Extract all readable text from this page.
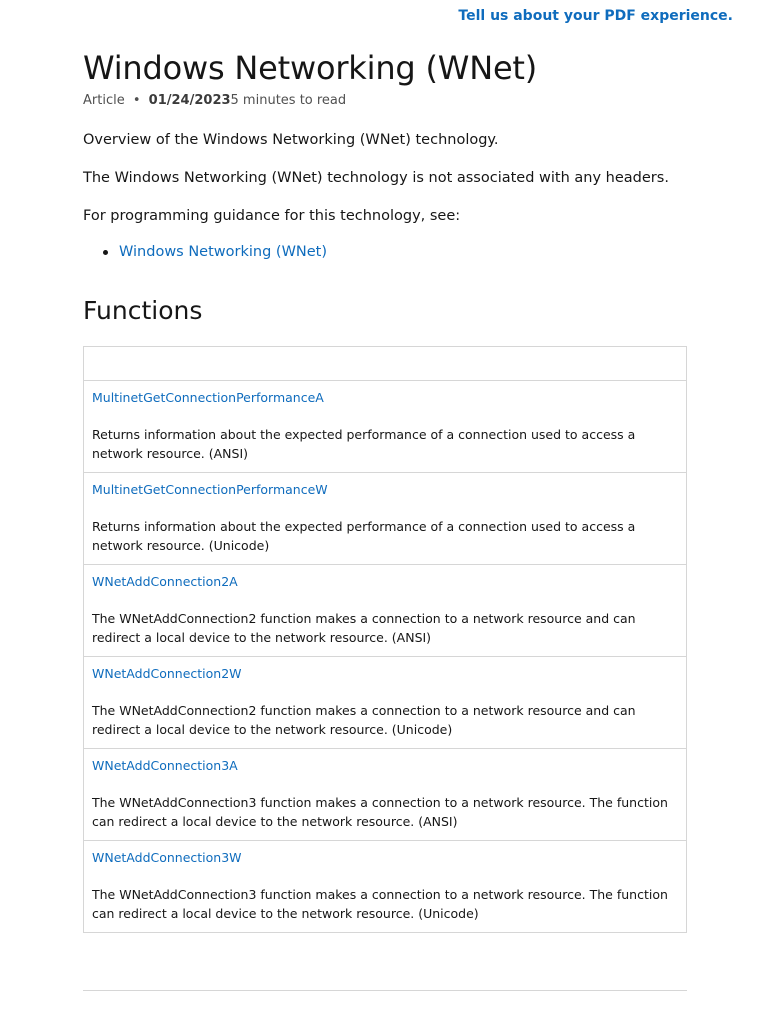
Tell us about your PDF experience.
Windows Networking (WNet)
Article • 01/24/20235 minutes to read

Overview of the Windows Networking (WNet) technology.

The Windows Networking (WNet) technology is not associated with any headers.

For programming guidance for this technology, see:

Windows Networking (WNet)
Functions

MultinetGetConnectionPerformanceA
Returns information about the expected performance of a connection used to access a network resource. (ANSI)

MultinetGetConnectionPerformanceW
Returns information about the expected performance of a connection used to access a network resource. (Unicode)

WNetAddConnection2A
The WNetAddConnection2 function makes a connection to a network resource and can redirect a local device to the network resource. (ANSI)

WNetAddConnection2W
The WNetAddConnection2 function makes a connection to a network resource and can redirect a local device to the network resource. (Unicode)

WNetAddConnection3A
The WNetAddConnection3 function makes a connection to a network resource. The function can redirect a local device to the network resource. (ANSI)

WNetAddConnection3W
The WNetAddConnection3 function makes a connection to a network resource. The function can redirect a local device to the network resource. (Unicode)
